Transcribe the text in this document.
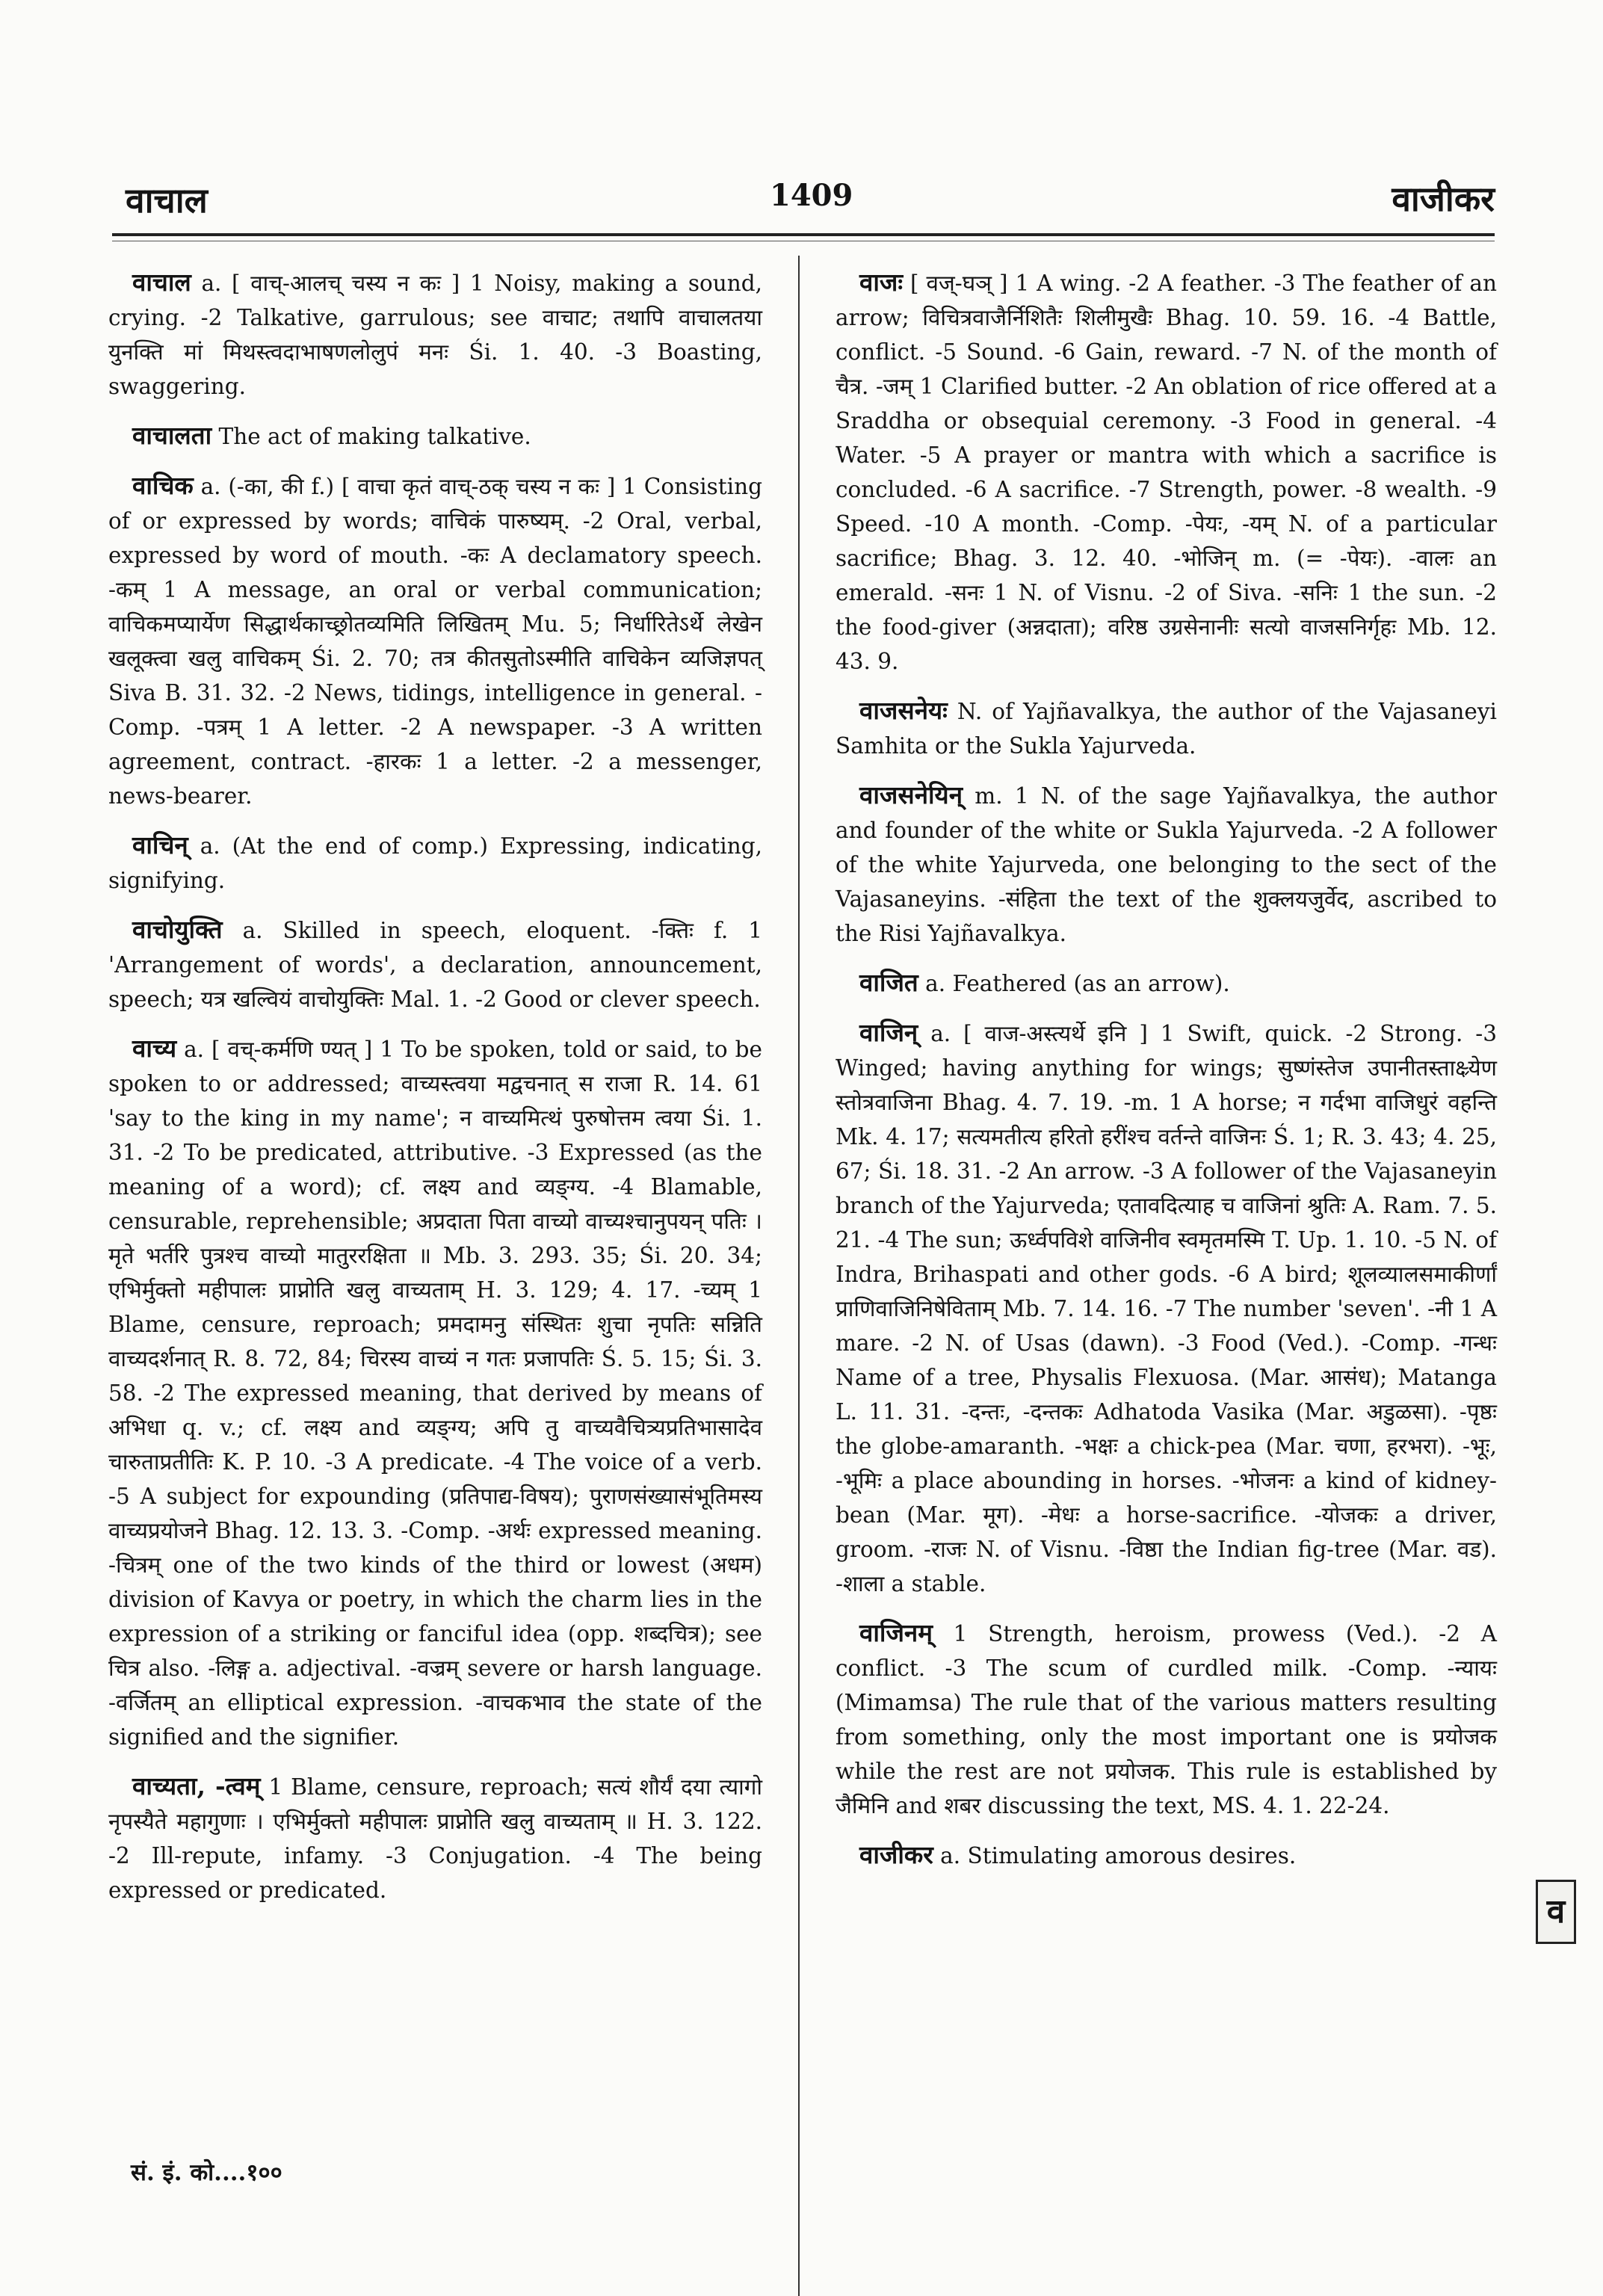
वाचाल	1409	वाजीकर

वाचाल a. [ वाच्-आलच् चस्य न कः ] 1 Noisy, making a sound, crying. -2 Talkative, garrulous; see वाचाट; तथापि वाचालतया युनक्ति मां मिथस्त्वदाभाषणलोलुपं मनः Śi. 1. 40. -3 Boasting, swaggering.

वाचालता The act of making talkative.

वाचिक a. (-का, की f.) [ वाचा कृतं वाच्-ठक् चस्य न कः ] 1 Consisting of or expressed by words; वाचिकं पारुष्यम्. -2 Oral, verbal, expressed by word of mouth. -कः A declamatory speech. -कम् 1 A message, an oral or verbal communication; वाचिकमप्यार्येण सिद्धार्थकाच्छ्रोतव्यमिति लिखितम् Mu. 5; निर्धारितेऽर्थे लेखेन खलूक्त्वा खलु वाचिकम् Śi. 2. 70; तत्र कीतसुतोऽस्मीति वाचिकेन व्यजिज्ञपत् Siva B. 31. 32. -2 News, tidings, intelligence in general. -Comp. -पत्रम् 1 A letter. -2 A newspaper. -3 A written agreement, contract. -हारकः 1 a letter. -2 a messenger, news-bearer.

वाचिन् a. (At the end of comp.) Expressing, indicating, signifying.

वाचोयुक्ति a. Skilled in speech, eloquent. -क्तिः f. 1 'Arrangement of words', a declaration, announcement, speech; यत्र खल्वियं वाचोयुक्तिः Mal. 1. -2 Good or clever speech.

वाच्य a. [ वच्-कर्मणि ण्यत् ] 1 To be spoken, told or said, to be spoken to or addressed; वाच्यस्त्वया मद्वचनात् स राजा R. 14. 61 'say to the king in my name'; न वाच्यमित्थं पुरुषोत्तम त्वया Śi. 1. 31. -2 To be predicated, attributive. -3 Expressed (as the meaning of a word); cf. लक्ष्य and व्यङ्ग्य. -4 Blamable, censurable, reprehensible; अप्रदाता पिता वाच्यो वाच्यश्चानुपयन् पतिः । मृते भर्तरि पुत्रश्च वाच्यो मातुररक्षिता ॥ Mb. 3. 293. 35; Śi. 20. 34; एभिर्मुक्तो महीपालः प्राप्नोति खलु वाच्यताम् H. 3. 129; 4. 17. -च्यम् 1 Blame, censure, reproach; प्रमदामनु संस्थितः शुचा नृपतिः सन्निति वाच्यदर्शनात् R. 8. 72, 84; चिरस्य वाच्यं न गतः प्रजापतिः Ś. 5. 15; Śi. 3. 58. -2 The expressed meaning, that derived by means of अभिधा q. v.; cf. लक्ष्य and व्यङ्ग्य; अपि तु वाच्यवैचित्र्यप्रतिभासादेव चारुताप्रतीतिः K. P. 10. -3 A predicate. -4 The voice of a verb. -5 A subject for expounding (प्रतिपाद्य-विषय); पुराणसंख्यासंभूतिमस्य वाच्यप्रयोजने Bhag. 12. 13. 3. -Comp. -अर्थः expressed meaning. -चित्रम् one of the two kinds of the third or lowest (अधम) division of Kavya or poetry, in which the charm lies in the expression of a striking or fanciful idea (opp. शब्दचित्र); see चित्र also. -लिङ्ग a. adjectival. -वज्रम् severe or harsh language. -वर्जितम् an elliptical expression. -वाचकभाव the state of the signified and the signifier.

वाच्यता, -त्वम् 1 Blame, censure, reproach; सत्यं शौर्यं दया त्यागो नृपस्यैते महागुणाः । एभिर्मुक्तो महीपालः प्राप्नोति खलु वाच्यताम् ॥ H. 3. 122. -2 Ill-repute, infamy. -3 Conjugation. -4 The being expressed or predicated.

वाजः [ वज्-घञ् ] 1 A wing. -2 A feather. -3 The feather of an arrow; विचित्रवाजैर्निशितैः शिलीमुखैः Bhag. 10. 59. 16. -4 Battle, conflict. -5 Sound. -6 Gain, reward. -7 N. of the month of चैत्र. -जम् 1 Clarified butter. -2 An oblation of rice offered at a Sraddha or obsequial ceremony. -3 Food in general. -4 Water. -5 A prayer or mantra with which a sacrifice is concluded. -6 A sacrifice. -7 Strength, power. -8 wealth. -9 Speed. -10 A month. -Comp. -पेयः, -यम् N. of a particular sacrifice; Bhag. 3. 12. 40. -भोजिन् m. (= -पेयः). -वालः an emerald. -सनः 1 N. of Visnu. -2 of Siva. -सनिः 1 the sun. -2 the food-giver (अन्नदाता); वरिष्ठ उग्रसेनानीः सत्यो वाजसनिर्गृहः Mb. 12. 43. 9.

वाजसनेयः N. of Yajñavalkya, the author of the Vajasaneyi Samhita or the Sukla Yajurveda.

वाजसनेयिन् m. 1 N. of the sage Yajñavalkya, the author and founder of the white or Sukla Yajurveda. -2 A follower of the white Yajurveda, one belonging to the sect of the Vajasaneyins. -संहिता the text of the शुक्लयजुर्वेद, ascribed to the Risi Yajñavalkya.

वाजित a. Feathered (as an arrow).

वाजिन् a. [ वाज-अस्त्यर्थे इनि ] 1 Swift, quick. -2 Strong. -3 Winged; having anything for wings; सुष्णंस्तेज उपानीतस्ताक्ष्र्येण स्तोत्रवाजिना Bhag. 4. 7. 19. -m. 1 A horse; न गर्दभा वाजिधुरं वहन्ति Mk. 4. 17; सत्यमतीत्य हरितो हरींश्च वर्तन्ते वाजिनः Ś. 1; R. 3. 43; 4. 25, 67; Śi. 18. 31. -2 An arrow. -3 A follower of the Vajasaneyin branch of the Yajurveda; एतावदित्याह च वाजिनां श्रुतिः A. Ram. 7. 5. 21. -4 The sun; ऊर्ध्वपविशे वाजिनीव स्वमृतमस्मि T. Up. 1. 10. -5 N. of Indra, Brihaspati and other gods. -6 A bird; शूलव्यालसमाकीर्णां प्राणिवाजिनिषेविताम् Mb. 7. 14. 16. -7 The number 'seven'. -नी 1 A mare. -2 N. of Usas (dawn). -3 Food (Ved.). -Comp. -गन्धः Name of a tree, Physalis Flexuosa. (Mar. आसंध); Matanga L. 11. 31. -दन्तः, -दन्तकः Adhatoda Vasika (Mar. अडुळसा). -पृष्ठः the globe-amaranth. -भक्षः a chick-pea (Mar. चणा, हरभरा). -भूः, -भूमिः a place abounding in horses. -भोजनः a kind of kidney-bean (Mar. मूग). -मेधः a horse-sacrifice. -योजकः a driver, groom. -राजः N. of Visnu. -विष्ठा the Indian fig-tree (Mar. वड). -शाला a stable.

वाजिनम् 1 Strength, heroism, prowess (Ved.). -2 A conflict. -3 The scum of curdled milk. -Comp. -न्यायः (Mimamsa) The rule that of the various matters resulting from something, only the most important one is प्रयोजक while the rest are not प्रयोजक. This rule is established by जैमिनि and शबर discussing the text, MS. 4. 1. 22-24.

वाजीकर a. Stimulating amorous desires.

सं. इं. को....१००
व
